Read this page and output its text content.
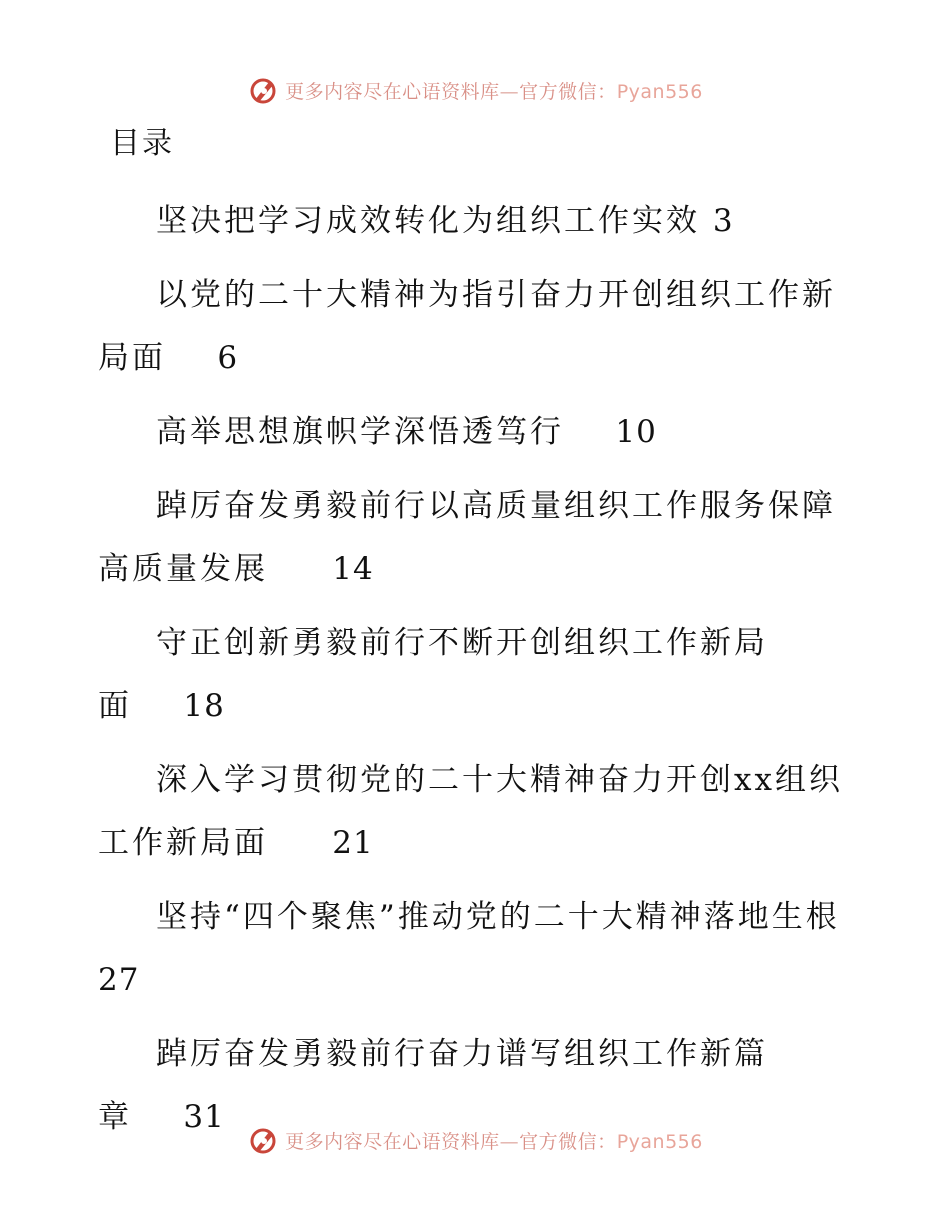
更多内容尽在心语资料库—官方微信：Pyan556
目录

坚决把学习成效转化为组织工作实效 3

以党的二十大精神为指引奋力开创组织工作新局面 6

高举思想旗帜学深悟透笃行 10

踔厉奋发勇毅前行以高质量组织工作服务保障高质量发展 14

守正创新勇毅前行不断开创组织工作新局面 18

深入学习贯彻党的二十大精神奋力开创xx组织工作新局面 21

坚持“四个聚焦”推动党的二十大精神落地生根 27

踔厉奋发勇毅前行奋力谱写组织工作新篇章 31

更多内容尽在心语资料库—官方微信：Pyan556
